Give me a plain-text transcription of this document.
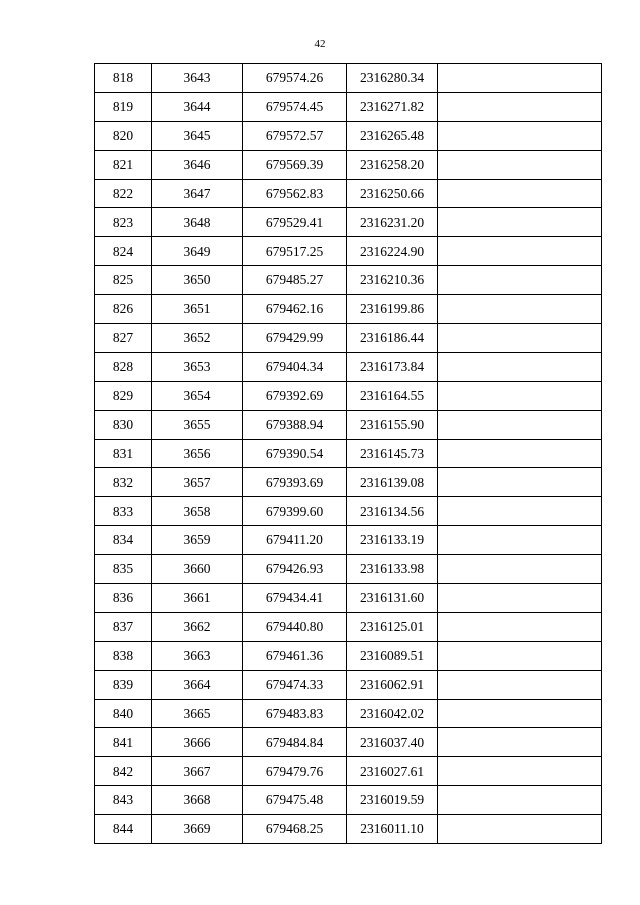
42
818	3643	679574.26	2316280.34	
819	3644	679574.45	2316271.82	
820	3645	679572.57	2316265.48	
821	3646	679569.39	2316258.20	
822	3647	679562.83	2316250.66	
823	3648	679529.41	2316231.20	
824	3649	679517.25	2316224.90	
825	3650	679485.27	2316210.36	
826	3651	679462.16	2316199.86	
827	3652	679429.99	2316186.44	
828	3653	679404.34	2316173.84	
829	3654	679392.69	2316164.55	
830	3655	679388.94	2316155.90	
831	3656	679390.54	2316145.73	
832	3657	679393.69	2316139.08	
833	3658	679399.60	2316134.56	
834	3659	679411.20	2316133.19	
835	3660	679426.93	2316133.98	
836	3661	679434.41	2316131.60	
837	3662	679440.80	2316125.01	
838	3663	679461.36	2316089.51	
839	3664	679474.33	2316062.91	
840	3665	679483.83	2316042.02	
841	3666	679484.84	2316037.40	
842	3667	679479.76	2316027.61	
843	3668	679475.48	2316019.59	
844	3669	679468.25	2316011.10	
